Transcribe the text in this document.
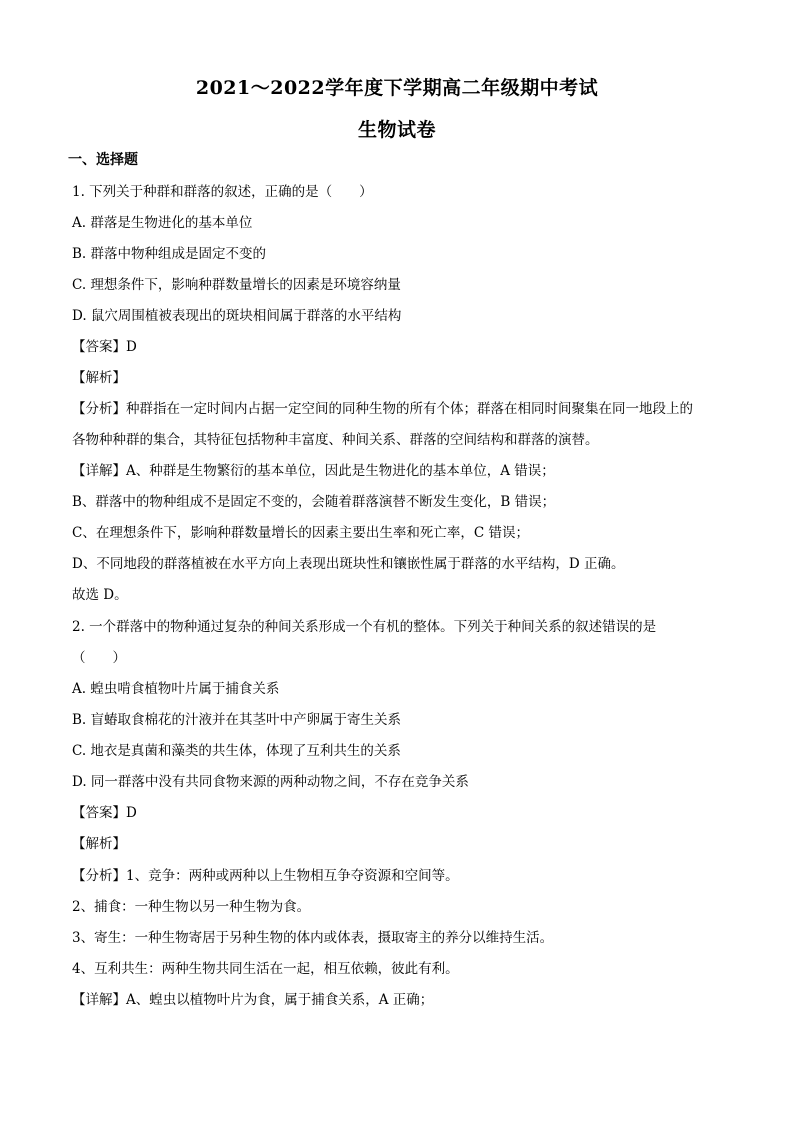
2021～2022学年度下学期高二年级期中考试
生物试卷
一、选择题
1. 下列关于种群和群落的叙述，正确的是（　　）
A. 群落是生物进化的基本单位
B. 群落中物种组成是固定不变的
C. 理想条件下，影响种群数量增长的因素是环境容纳量
D. 鼠穴周围植被表现出的斑块相间属于群落的水平结构
【答案】D
【解析】
【分析】种群指在一定时间内占据一定空间的同种生物的所有个体；群落在相同时间聚集在同一地段上的
各物种种群的集合，其特征包括物种丰富度、种间关系、群落的空间结构和群落的演替。
【详解】A、种群是生物繁衍的基本单位，因此是生物进化的基本单位，A 错误；
B、群落中的物种组成不是固定不变的，会随着群落演替不断发生变化，B 错误；
C、在理想条件下，影响种群数量增长的因素主要出生率和死亡率，C 错误；
D、不同地段的群落植被在水平方向上表现出斑块性和镶嵌性属于群落的水平结构，D 正确。
故选 D。
2. 一个群落中的物种通过复杂的种间关系形成一个有机的整体。下列关于种间关系的叙述错误的是
（　　）
A. 蝗虫啃食植物叶片属于捕食关系
B. 盲蝽取食棉花的汁液并在其茎叶中产卵属于寄生关系
C. 地衣是真菌和藻类的共生体，体现了互利共生的关系
D. 同一群落中没有共同食物来源的两种动物之间，不存在竞争关系
【答案】D
【解析】
【分析】1、竞争：两种或两种以上生物相互争夺资源和空间等。
2、捕食：一种生物以另一种生物为食。
3、寄生：一种生物寄居于另种生物的体内或体表，摄取寄主的养分以维持生活。
4、互利共生：两种生物共同生活在一起，相互依赖，彼此有利。
【详解】A、蝗虫以植物叶片为食，属于捕食关系，A 正确；
